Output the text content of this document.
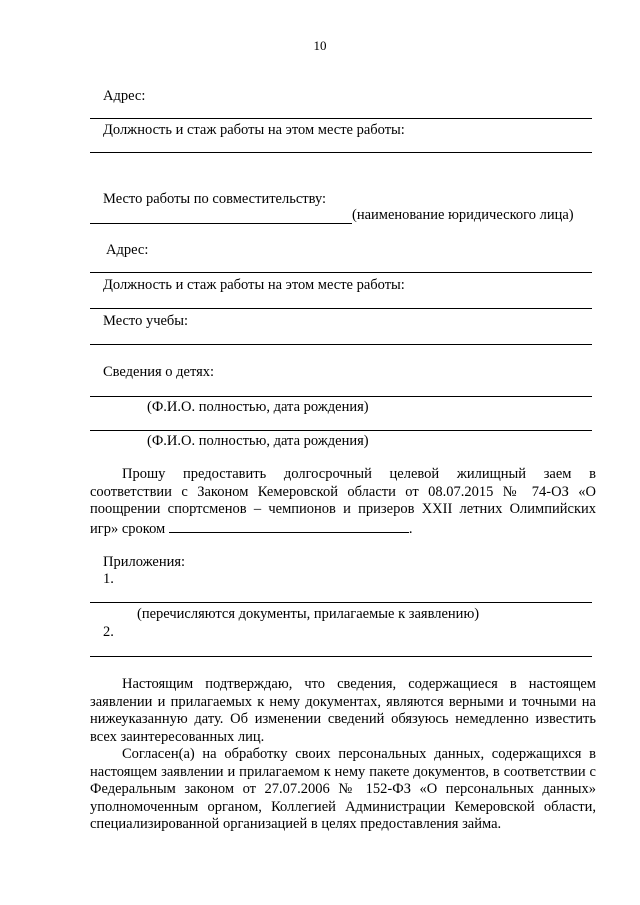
10
Адрес:
Должность и стаж работы на этом месте работы:
Место работы по совместительству:
(наименование юридического лица)
Адрес:
Должность и стаж работы на этом месте работы:
Место учебы:
Сведения о детях:
(Ф.И.О. полностью, дата рождения)
(Ф.И.О. полностью, дата рождения)
Прошу предоставить долгосрочный целевой жилищный заем в соответствии с Законом Кемеровской области от 08.07.2015 № 74-ОЗ «О поощрении спортсменов – чемпионов и призеров XXII летних Олимпийских игр» сроком	.
Приложения:
1.
(перечисляются документы, прилагаемые к заявлению)
2.
Настоящим подтверждаю, что сведения, содержащиеся в настоящем заявлении и прилагаемых к нему документах, являются верными и точными на нижеуказанную дату. Об изменении сведений обязуюсь немедленно известить всех заинтересованных лиц.
Согласен(а) на обработку своих персональных данных, содержащихся в настоящем заявлении и прилагаемом к нему пакете документов, в соответствии с Федеральным законом от 27.07.2006 № 152-ФЗ «О персональных данных» уполномоченным органом, Коллегией Администрации Кемеровской области, специализированной организацией в целях предоставления займа.
